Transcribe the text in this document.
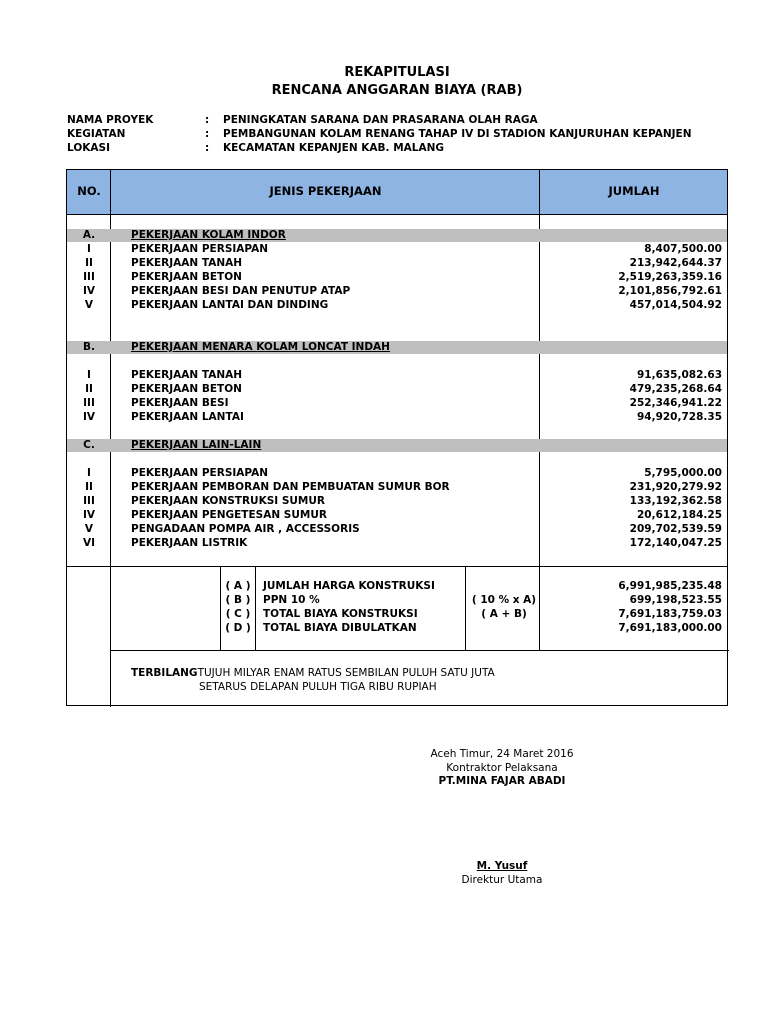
REKAPITULASI
RENCANA ANGGARAN BIAYA (RAB)
NAMA PROYEK	: PENINGKATAN SARANA DAN PRASARANA OLAH RAGA
KEGIATAN	: PEMBANGUNAN KOLAM RENANG TAHAP IV DI STADION KANJURUHAN KEPANJEN
LOKASI	: KECAMATAN KEPANJEN KAB. MALANG
NO.	JENIS PEKERJAAN	JUMLAH
A.	PEKERJAAN KOLAM INDOR
I	PEKERJAAN PERSIAPAN	8,407,500.00
II	PEKERJAAN TANAH	213,942,644.37
III	PEKERJAAN BETON	2,519,263,359.16
IV	PEKERJAAN BESI DAN PENUTUP ATAP	2,101,856,792.61
V	PEKERJAAN LANTAI DAN DINDING	457,014,504.92
B.	PEKERJAAN MENARA KOLAM LONCAT INDAH
I	PEKERJAAN TANAH	91,635,082.63
II	PEKERJAAN BETON	479,235,268.64
III	PEKERJAAN BESI	252,346,941.22
IV	PEKERJAAN LANTAI	94,920,728.35
C.	PEKERJAAN LAIN-LAIN
I	PEKERJAAN PERSIAPAN	5,795,000.00
II	PEKERJAAN PEMBORAN DAN PEMBUATAN SUMUR BOR	231,920,279.92
III	PEKERJAAN KONSTRUKSI SUMUR	133,192,362.58
IV	PEKERJAAN PENGETESAN SUMUR	20,612,184.25
V	PENGADAAN POMPA AIR , ACCESSORIS	209,702,539.59
VI	PEKERJAAN LISTRIK	172,140,047.25
( A )	JUMLAH HARGA KONSTRUKSI	6,991,985,235.48
( B )	PPN 10 %	( 10 % x A)	699,198,523.55
( C )	TOTAL BIAYA KONSTRUKSI	( A + B)	7,691,183,759.03
( D )	TOTAL BIAYA DIBULATKAN	7,691,183,000.00
TERBILANGTUJUH MILYAR ENAM RATUS SEMBILAN PULUH SATU JUTA
SETARUS DELAPAN PULUH TIGA RIBU RUPIAH
Aceh Timur, 24 Maret 2016
Kontraktor Pelaksana
PT.MINA FAJAR ABADI
M. Yusuf
Direktur Utama
